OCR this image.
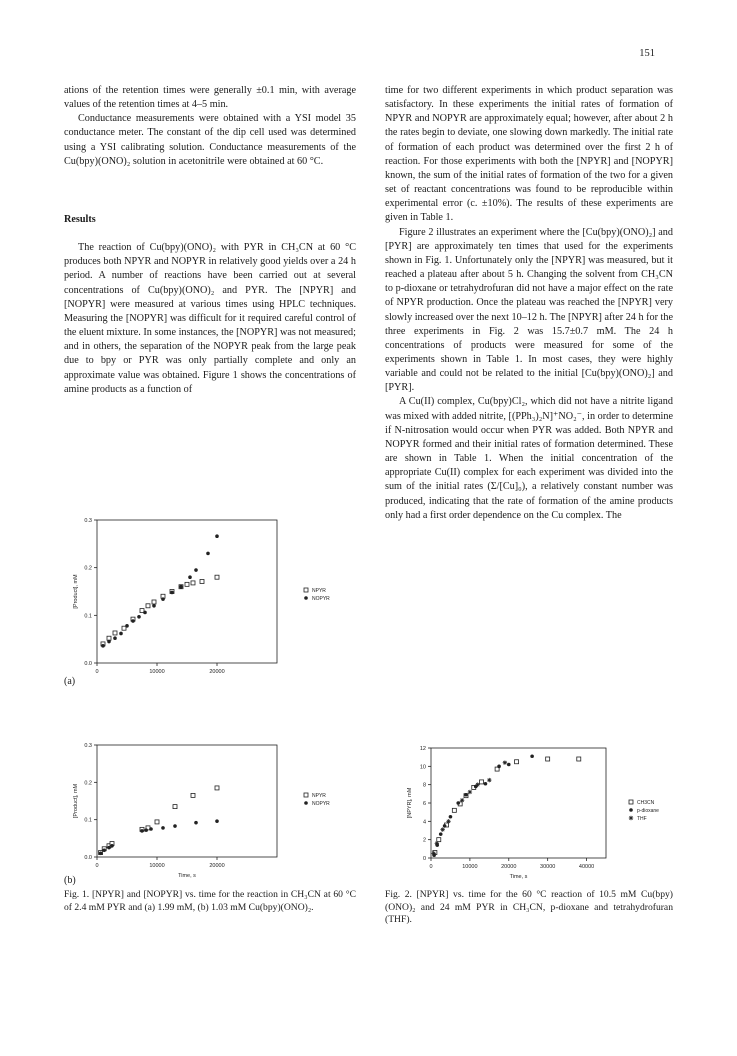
151

ations of the retention times were generally ±0.1 min, with average values of the retention times at 4–5 min.

Conductance measurements were obtained with a YSI model 35 conductance meter. The constant of the dip cell used was determined using a YSI calibrating solution. Conductance measurements of the Cu(bpy)(ONO)₂ solution in acetonitrile were obtained at 60 °C.

Results

The reaction of Cu(bpy)(ONO)₂ with PYR in CH₃CN at 60 °C produces both NPYR and NOPYR in relatively good yields over a 24 h period. A number of reactions have been carried out at several concentrations of Cu(bpy)(ONO)₂ and PYR. The [NPYR] and [NOPYR] were measured at various times using HPLC techniques. Measuring the [NOPYR] was difficult for it required careful control of the eluent mixture. In some instances, the [NOPYR] was not measured; and in others, the separation of the NOPYR peak from the large peak due to bpy or PYR was only partially complete and only an approximate value was obtained. Figure 1 shows the concentrations of amine products as a function of

time for two different experiments in which product separation was satisfactory. In these experiments the initial rates of formation of NPYR and NOPYR are approximately equal; however, after about 2 h the rates begin to deviate, one slowing down markedly. The initial rate of formation of each product was determined over the first 2 h of reaction. For those experiments with both the [NPYR] and [NOPYR] known, the sum of the initial rates of formation of the two for a given set of reactant concentrations was found to be reproducible within experimental error (c. ±10%). The results of these experiments are given in Table 1.

Figure 2 illustrates an experiment where the [Cu(bpy)(ONO)₂] and [PYR] are approximately ten times that used for the experiments shown in Fig. 1. Unfortunately only the [NPYR] was measured, but it reached a plateau after about 5 h. Changing the solvent from CH₃CN to p-dioxane or tetrahydrofuran did not have a major effect on the rate of NPYR production. Once the plateau was reached the [NPYR] very slowly increased over the next 10–12 h. The [NPYR] after 24 h for the three experiments in Fig. 2 was 15.7±0.7 mM. The 24 h concentrations of products were measured for some of the experiments shown in Table 1. In most cases, they were highly variable and could not be related to the initial [Cu(bpy)(ONO)₂] and [PYR].

A Cu(II) complex, Cu(bpy)Cl₂, which did not have a nitrite ligand was mixed with added nitrite, [(PPh₃)₂N]⁺NO₂⁻, in order to determine if N-nitrosation would occur when PYR was added. Both NPYR and NOPYR formed and their initial rates of formation determined. These are shown in Table 1. When the initial concentration of the appropriate Cu(II) complex for each experiment was divided into the sum of the initial rates (Σ/[Cu]₀), a relatively constant number was produced, indicating that the rate of formation of the amine products only had a first order dependence on the Cu complex. The

0	10000	20000
0.0
0.1
0.2
0.3
[Product], mM	NPYR
NOPYR
(a)
0	10000	20000
0.0
0.1
0.2
0.3
[Product], mM
Time, s
NPYR
NOPYR
(b)
0	10000	20000	30000	40000
0
2
4
6
8
10
12
[NPYR], mM
Time, s
CH3CN
p-dioxane
THF
Fig. 1. [NPYR] and [NOPYR] vs. time for the reaction in CH₃CN at 60 °C of 2.4 mM PYR and (a) 1.99 mM, (b) 1.03 mM Cu(bpy)(ONO)₂.
Fig. 2. [NPYR] vs. time for the 60 °C reaction of 10.5 mM Cu(bpy)(ONO)₂ and 24 mM PYR in CH₃CN, p-dioxane and tetrahydrofuran (THF).
